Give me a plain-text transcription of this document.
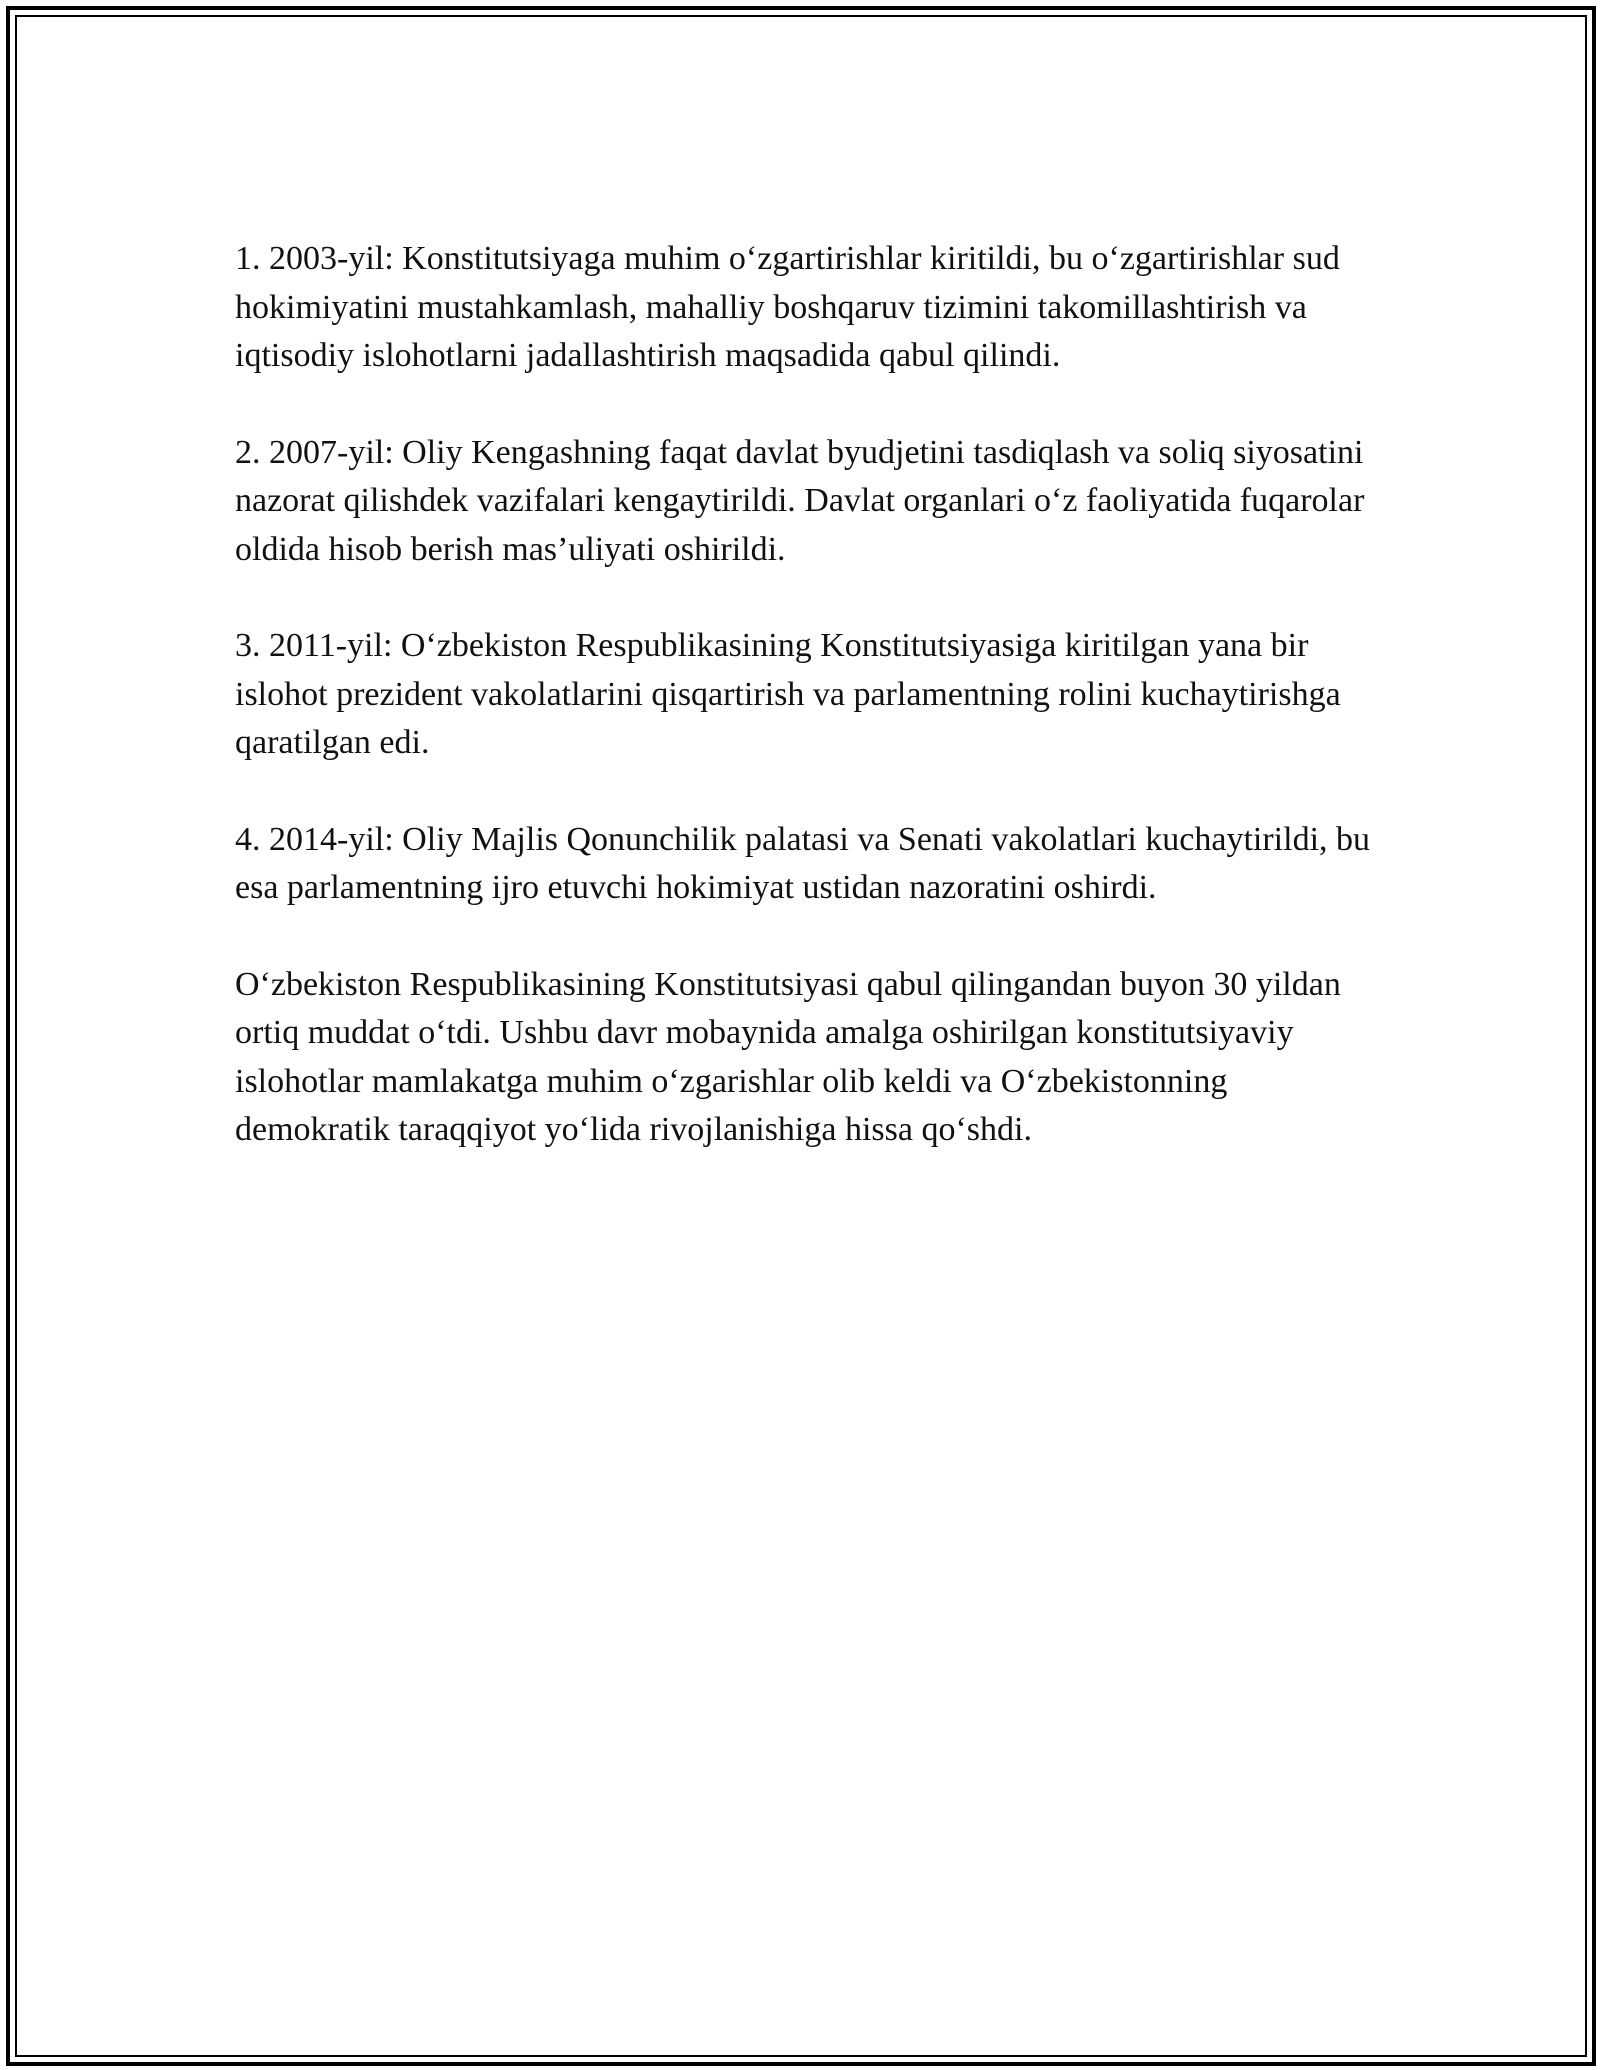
1. 2003-yil: Konstitutsiyaga muhim o‘zgartirishlar kiritildi, bu o‘zgartirishlar sud hokimiyatini mustahkamlash, mahalliy boshqaruv tizimini takomillashtirish va iqtisodiy islohotlarni jadallashtirish maqsadida qabul qilindi.

2. 2007-yil: Oliy Kengashning faqat davlat byudjetini tasdiqlash va soliq siyosatini nazorat qilishdek vazifalari kengaytirildi. Davlat organlari o‘z faoliyatida fuqarolar oldida hisob berish mas’uliyati oshirildi.

3. 2011-yil: O‘zbekiston Respublikasining Konstitutsiyasiga kiritilgan yana bir islohot prezident vakolatlarini qisqartirish va parlamentning rolini kuchaytirishga qaratilgan edi.

4. 2014-yil: Oliy Majlis Qonunchilik palatasi va Senati vakolatlari kuchaytirildi, bu esa parlamentning ijro etuvchi hokimiyat ustidan nazoratini oshirdi.

O‘zbekiston Respublikasining Konstitutsiyasi qabul qilingandan buyon 30 yildan ortiq muddat o‘tdi. Ushbu davr mobaynida amalga oshirilgan konstitutsiyaviy islohotlar mamlakatga muhim o‘zgarishlar olib keldi va O‘zbekistonning demokratik taraqqiyot yo‘lida rivojlanishiga hissa qo‘shdi.
